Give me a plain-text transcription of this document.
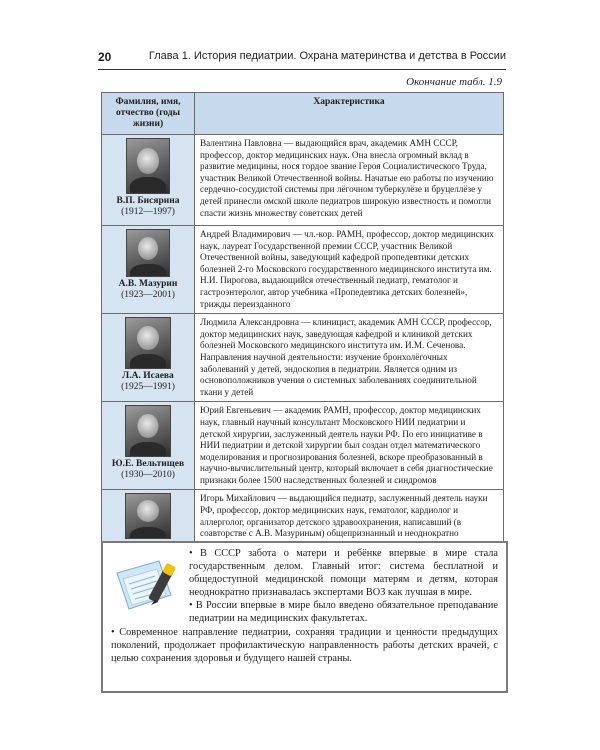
20	Глава 1. История педиатрии. Охрана материнства и детства в России
Окончание табл. 1.9
Фамилия, имя, отчество (годы жизни)	Характеристика

В.П. Бисярина
(1912—1997)	Валентина Павловна — выдающийся врач, академик АМН СССР, профессор, доктор медицинских наук. Она внесла огромный вклад в развитие медицины, нося гордое звание Героя Социалистического Труда, участник Великой Отечественной войны. Начатые ею работы по изучению сердечно-сосудистой системы при лёгочном туберкулёзе и бруцеллёзе у детей принесли омской школе педиатров широкую известность и помогли спасти жизнь множеству советских детей

А.В. Мазурин
(1923—2001)	Андрей Владимирович — чл.-кор. РАМН, профессор, доктор медицинских наук, лауреат Государственной премии СССР, участник Великой Отечественной войны, заведующий кафедрой пропедевтики детских болезней 2-го Московского государственного медицинского института им. Н.И. Пирогова, выдающийся отечественный педиатр, гематолог и гастроэнтеролог, автор учебника «Пропедевтика детских болезней», трижды переизданного

Л.А. Исаева
(1925—1991)	Людмила Александровна — клиницист, академик АМН СССР, профессор, доктор медицинских наук, заведующая кафедрой и клиникой детских болезней Московского медицинского института им. И.М. Сеченова. Направления научной деятельности: изучение бронхолёгочных заболеваний у детей, эндоскопия в педиатрии. Является одним из основоположников учения о системных заболеваниях соединительной ткани у детей

Ю.Е. Вельтищев
(1930—2010)	Юрий Евгеньевич — академик РАМН, профессор, доктор медицинских наук, главный научный консультант Московского НИИ педиатрии и детской хирургии, заслуженный деятель науки РФ. По его инициативе в НИИ педиатрии и детской хирургии был создан отдел математического моделирования и прогнозирования болезней, вскоре преобразованный в научно-вычислительный центр, который включает в себя диагностические признаки более 1500 наследственных болезней и синдромов

	Игорь Михайлович — выдающийся педиатр, заслуженный деятель науки РФ, профессор, доктор медицинских наук, гематолог, кардиолог и аллерголог, организатор детского здравоохранения, написавший (в соавторстве с А.В. Мазуриным) общепризнанный и неоднократно

• В СССР забота о матери и ребёнке впервые в мире стала государственным делом. Главный итог: система бесплатной и общедоступной медицинской помощи матерям и детям, которая неоднократно признавалась экспертами ВОЗ как лучшая в мире.

• В России впервые в мире было введено обязательное преподавание педиатрии на медицинских факультетах.

• Современное направление педиатрии, сохраняя традиции и ценности предыдущих поколений, продолжает профилактическую направленность работы детских врачей, с целью сохранения здоровья и будущего нашей страны.
